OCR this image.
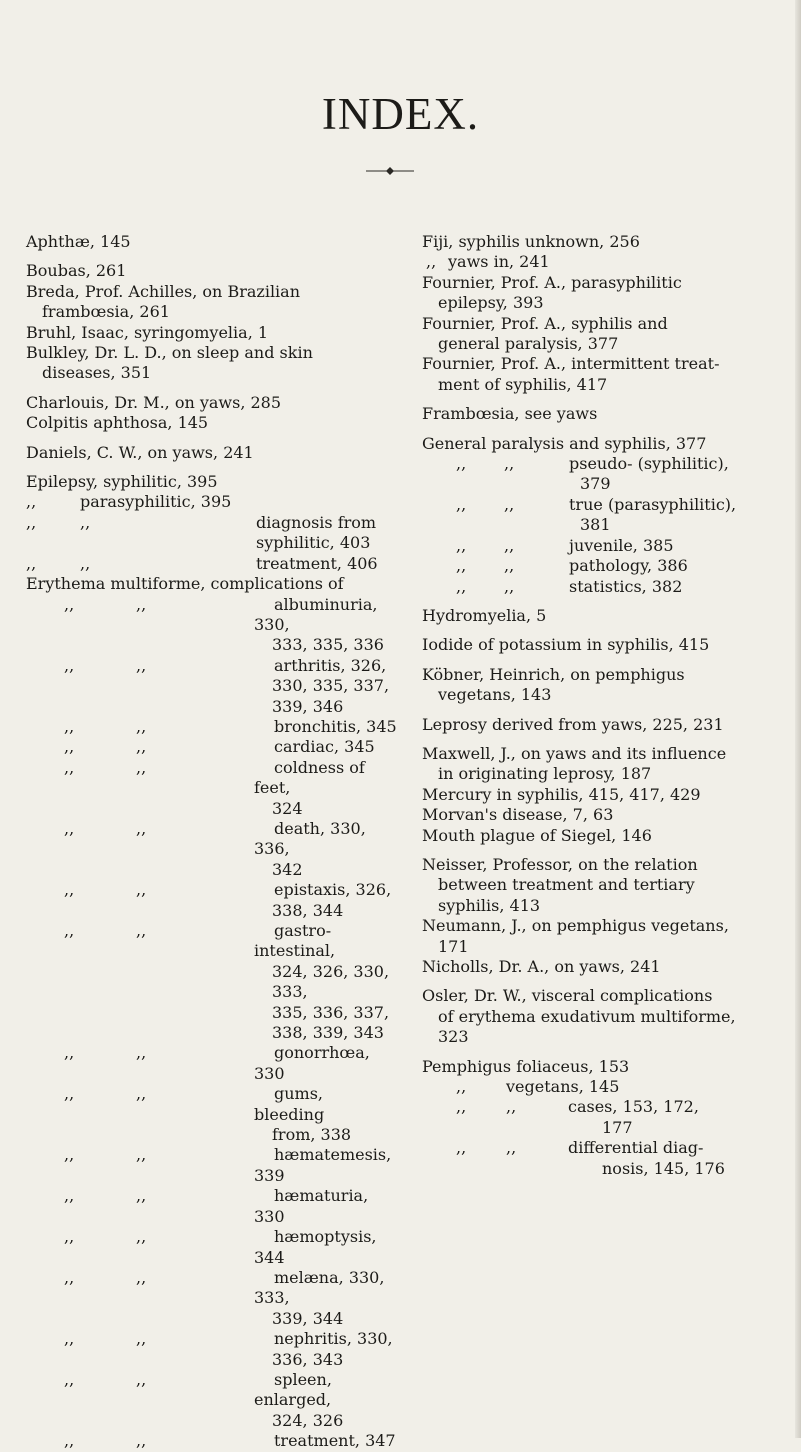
INDEX.
Aphthæ, 145
Boubas, 261
Breda, Prof. Achilles, on Brazilian
frambœsia, 261
Bruhl, Isaac, syringomyelia, 1
Bulkley, Dr. L. D., on sleep and skin
diseases, 351
Charlouis, Dr. M., on yaws, 285
Colpitis aphthosa, 145
Daniels, C. W., on yaws, 241
Epilepsy, syphilitic, 395
,,	parasyphilitic, 395
,,	,,	diagnosis from
syphilitic, 403
,,	,,	treatment, 406
Erythema multiforme, complications of
,,	,,	albuminuria, 330,
333, 335, 336
,,	,,	arthritis, 326,
330, 335, 337,
339, 346
,,	,,	bronchitis, 345
,,	,,	cardiac, 345
,,	,,	coldness of feet,
324
,,	,,	death, 330, 336,
342
,,	,,	epistaxis, 326,
338, 344
,,	,,	gastro-intestinal,
324, 326, 330, 333,
335, 336, 337,
338, 339, 343
,,	,,	gonorrhœa, 330
,,	,,	gums, bleeding
from, 338
,,	,,	hæmatemesis, 339
,,	,,	hæmaturia, 330
,,	,,	hæmoptysis, 344
,,	,,	melæna, 330, 333,
339, 344
,,	,,	nephritis, 330,
336, 343
,,	,,	spleen, enlarged,
324, 326
,,	,,	treatment, 347
Fiji, syphilis unknown, 256
,, yaws in, 241
Fournier, Prof. A., parasyphilitic
epilepsy, 393
Fournier, Prof. A., syphilis and
general paralysis, 377
Fournier, Prof. A., intermittent treat-
ment of syphilis, 417
Frambœsia, see yaws
General paralysis and syphilis, 377
,, ,,	pseudo- (syphilitic),
379
,, ,,	true (parasyphilitic),
381
,, ,,	juvenile, 385
,, ,,	pathology, 386
,, ,,	statistics, 382
Hydromyelia, 5
Iodide of potassium in syphilis, 415
Köbner, Heinrich, on pemphigus
vegetans, 143
Leprosy derived from yaws, 225, 231
Maxwell, J., on yaws and its influence
in originating leprosy, 187
Mercury in syphilis, 415, 417, 429
Morvan's disease, 7, 63
Mouth plague of Siegel, 146
Neisser, Professor, on the relation
between treatment and tertiary
syphilis, 413
Neumann, J., on pemphigus vegetans,
171
Nicholls, Dr. A., on yaws, 241
Osler, Dr. W., visceral complications
of erythema exudativum multiforme,
323
Pemphigus foliaceus, 153
,, vegetans, 145
,, ,,	cases, 153, 172,
177
,, ,,	differential diag-
nosis, 145, 176
